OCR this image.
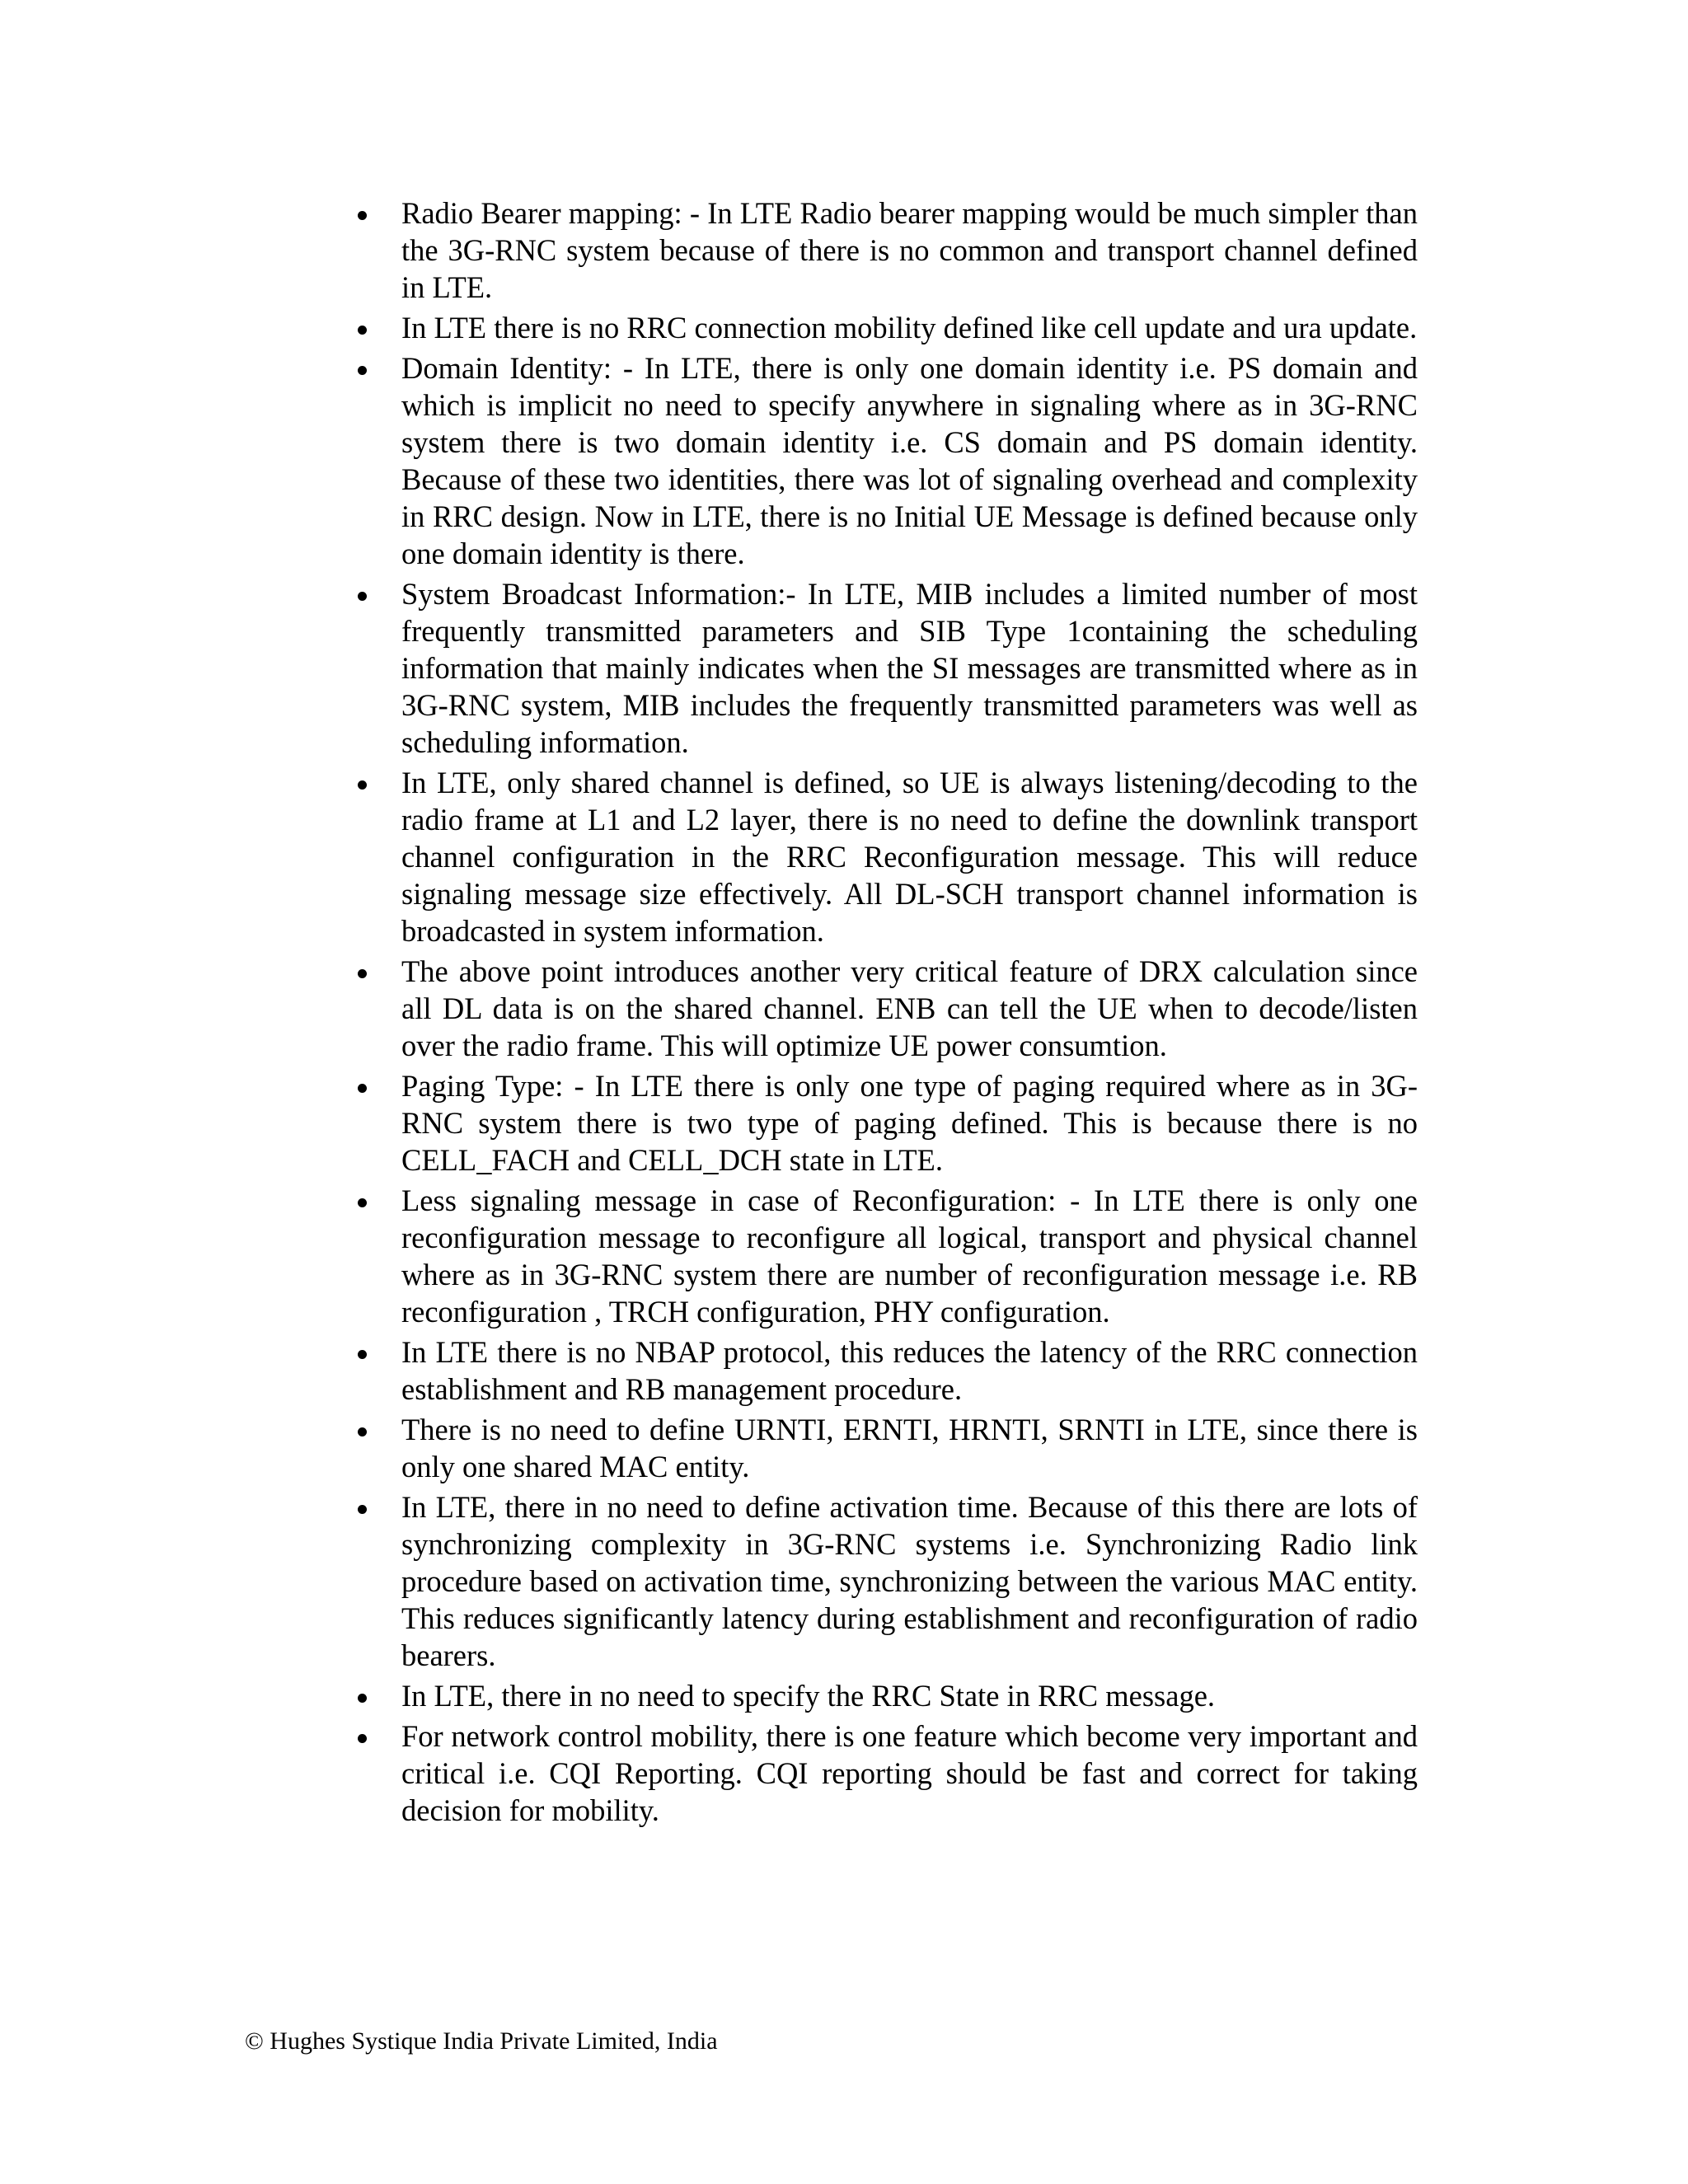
Radio Bearer mapping: - In LTE Radio bearer mapping would be much simpler than the 3G-RNC system because of there is no common and transport channel defined in LTE.
In LTE there is no RRC connection mobility defined like cell update and ura update.
Domain Identity: - In LTE, there is only one domain identity i.e. PS domain and which is implicit no need to specify anywhere in signaling where as in 3G-RNC system there is two domain identity i.e. CS domain and PS domain identity. Because of these two identities, there was lot of signaling overhead and complexity in RRC design. Now in LTE, there is no Initial UE Message is defined because only one domain identity is there.
System Broadcast Information:- In LTE, MIB includes a limited number of most frequently transmitted parameters and SIB Type 1containing the scheduling information that mainly indicates when the SI messages are transmitted where as in 3G-RNC system, MIB includes the frequently transmitted parameters was well as scheduling information.
In LTE, only shared channel is defined, so UE is always listening/decoding to the radio frame at L1 and L2 layer, there is no need to define the downlink transport channel configuration in the RRC Reconfiguration message. This will reduce signaling message size effectively. All DL-SCH transport channel information is broadcasted in system information.
The above point introduces another very critical feature of DRX calculation since all DL data is on the shared channel. ENB can tell the UE when to decode/listen over the radio frame. This will optimize UE power consumtion.
Paging Type: - In LTE there is only one type of paging required where as in 3G-RNC system there is two type of paging defined. This is because there is no CELL_FACH and CELL_DCH state in LTE.
Less signaling message in case of Reconfiguration: - In LTE there is only one reconfiguration message to reconfigure all logical, transport and physical channel where as in 3G-RNC system there are number of reconfiguration message i.e. RB reconfiguration , TRCH configuration, PHY configuration.
In LTE there is no NBAP protocol, this reduces the latency of the RRC connection establishment and RB management procedure.
There is no need to define URNTI, ERNTI, HRNTI, SRNTI in LTE, since there is only one shared MAC entity.
In LTE, there in no need to define activation time. Because of this there are lots of synchronizing complexity in 3G-RNC systems i.e. Synchronizing Radio link procedure based on activation time, synchronizing between the various MAC entity. This reduces significantly latency during establishment and reconfiguration of radio bearers.
In LTE, there in no need to specify the RRC State in RRC message.
For network control mobility, there is one feature which become very important and critical i.e. CQI Reporting. CQI reporting should be fast and correct for taking decision for mobility.
© Hughes Systique India Private Limited, India
